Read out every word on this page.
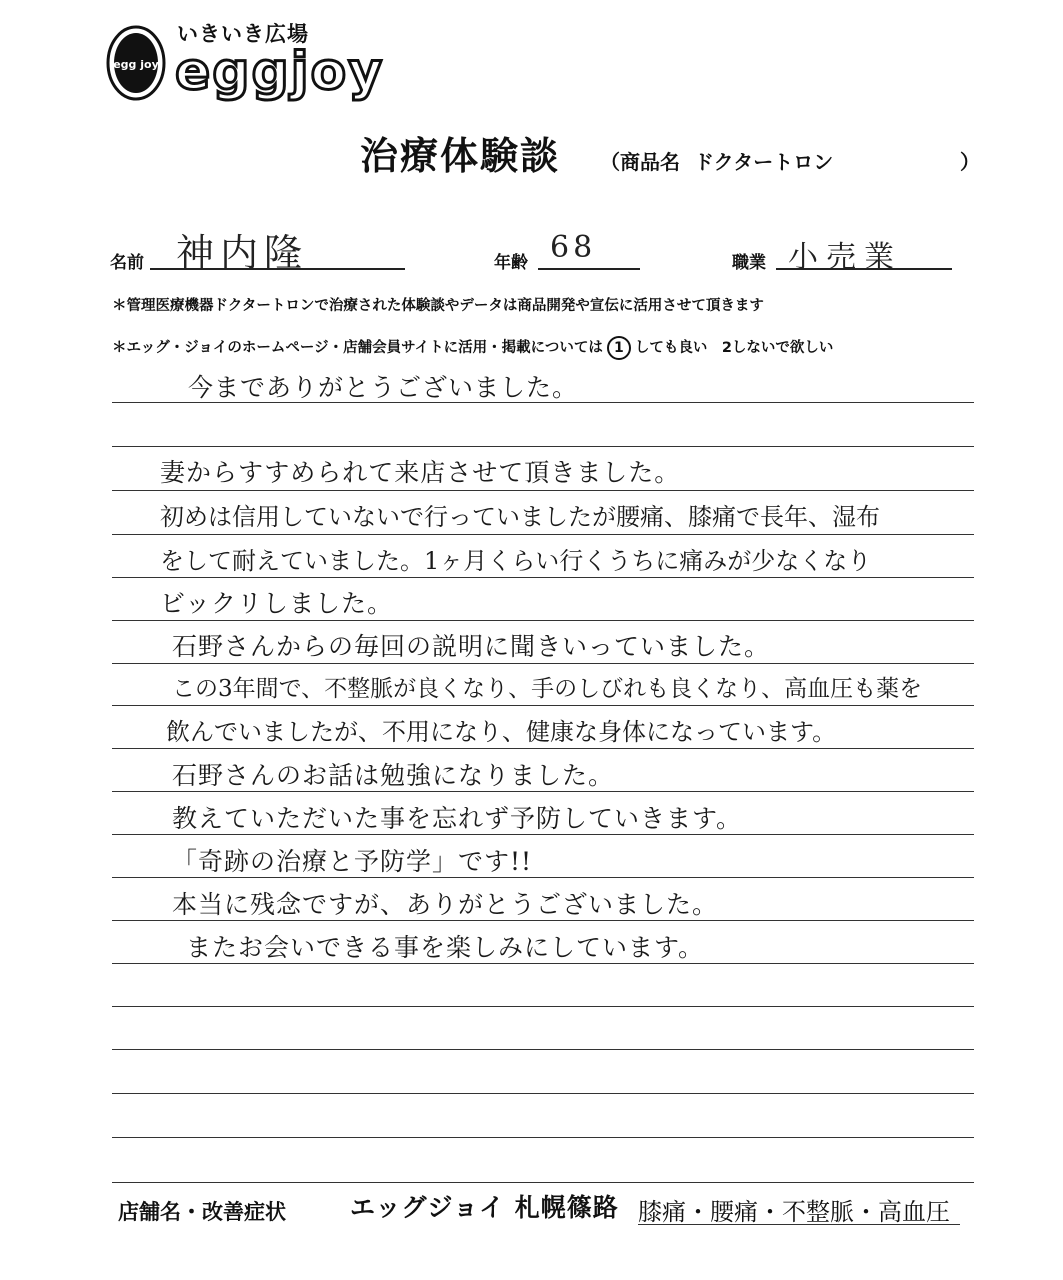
egg joy
いきいき広場
eggjoy
治療体験談 （商品名 ドクタートロン	）
名前 神内隆	年齢 68	職業 小売業
＊管理医療機器ドクタートロンで治療された体験談やデータは商品開発や宣伝に活用させて頂きます
＊エッグ・ジョイのホームページ・店舗会員サイトに活用・掲載については 1 しても良い　2しないで欲しい
今までありがとうございました。
妻からすすめられて来店させて頂きました。
初めは信用していないで行っていましたが腰痛、膝痛で長年、湿布
をして耐えていました。1ヶ月くらい行くうちに痛みが少なくなり
ビックリしました。
石野さんからの毎回の説明に聞きいっていました。
この3年間で、不整脈が良くなり、手のしびれも良くなり、高血圧も薬を
飲んでいましたが、不用になり、健康な身体になっています。
石野さんのお話は勉強になりました。
教えていただいた事を忘れず予防していきます。
「奇跡の治療と予防学」です!!
本当に残念ですが、ありがとうございました。
またお会いできる事を楽しみにしています。
店舗名・改善症状	エッグジョイ 札幌篠路 膝痛・腰痛・不整脈・高血圧
